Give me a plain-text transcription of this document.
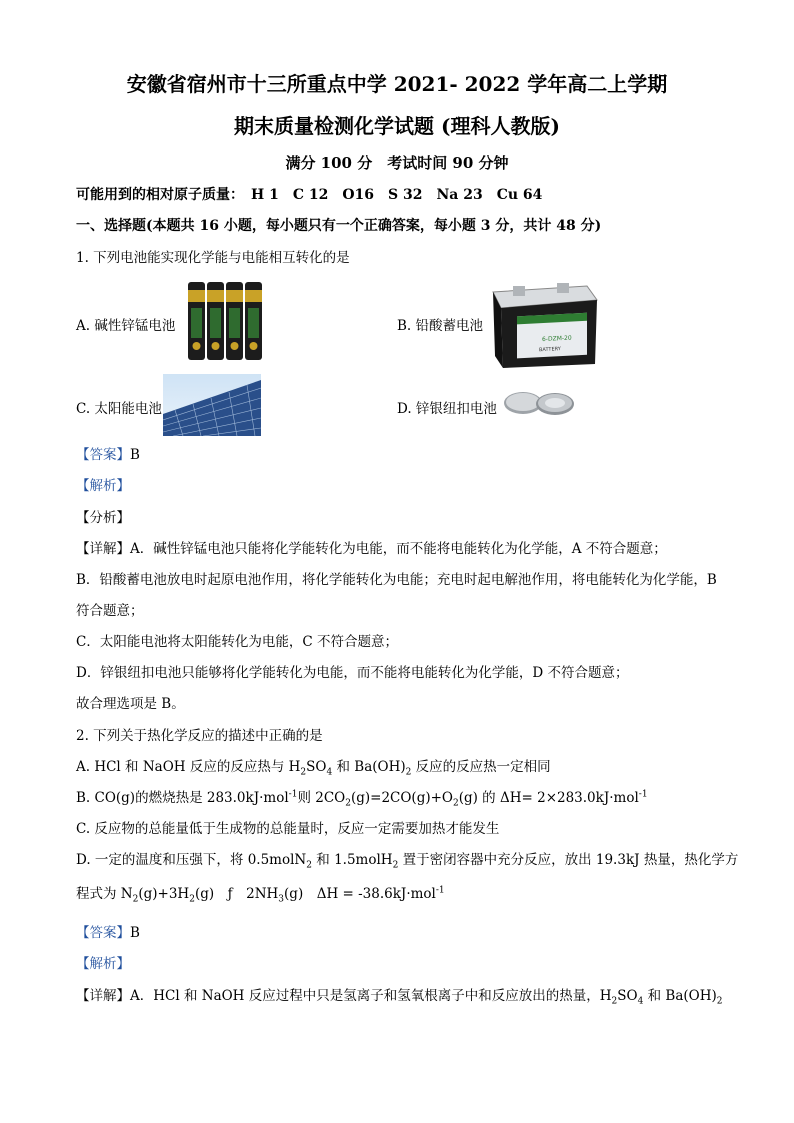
安徽省宿州市十三所重点中学 2021- 2022 学年高二上学期
期末质量检测化学试题 (理科人教版)
满分 100 分　考试时间 90 分钟
可能用到的相对原子质量：　H 1　C 12　O16　S 32　Na 23　Cu 64
一、选择题(本题共 16 小题，每小题只有一个正确答案，每小题 3 分，共计 48 分)
1. 下列电池能实现化学能与电能相互转化的是
A. 碱性锌锰电池	B. 铅酸蓄电池
6-DZM-20
BATTERY
C. 太阳能电池	D. 锌银纽扣电池
【答案】B
【解析】
【分析】
【详解】A．碱性锌锰电池只能将化学能转化为电能，而不能将电能转化为化学能，A 不符合题意；
B．铅酸蓄电池放电时起原电池作用，将化学能转化为电能；充电时起电解池作用，将电能转化为化学能，B
符合题意；
C．太阳能电池将太阳能转化为电能，C 不符合题意；
D．锌银纽扣电池只能够将化学能转化为电能，而不能将电能转化为化学能，D 不符合题意；
故合理选项是 B。
2. 下列关于热化学反应的描述中正确的是
A. HCl 和 NaOH 反应的反应热与 $H_2SO_4$ 和 $Ba(OH)_2$ 反应的反应热一定相同
B. CO(g)的燃烧热是 283.0kJ·mol$^{-1}$则 $2CO_2(g)=2CO(g)+O_2(g)$ 的 ΔH= 2×283.0kJ·mol$^{-1}$
C. 反应物的总能量低于生成物的总能量时，反应一定需要加热才能发生
D. 一定的温度和压强下，将 0.5molN$_2$ 和 1.5molH$_2$ 置于密闭容器中充分反应，放出 19.3kJ 热量，热化学方
程式为 $N_2(g)+3H_2(g)$　ƒ　$2NH_3(g)$　ΔH = -38.6kJ·mol$^{-1}$
【答案】B
【解析】
【详解】A．HCl 和 NaOH 反应过程中只是氢离子和氢氧根离子中和反应放出的热量，$H_2SO_4$ 和 $Ba(OH)_2$
